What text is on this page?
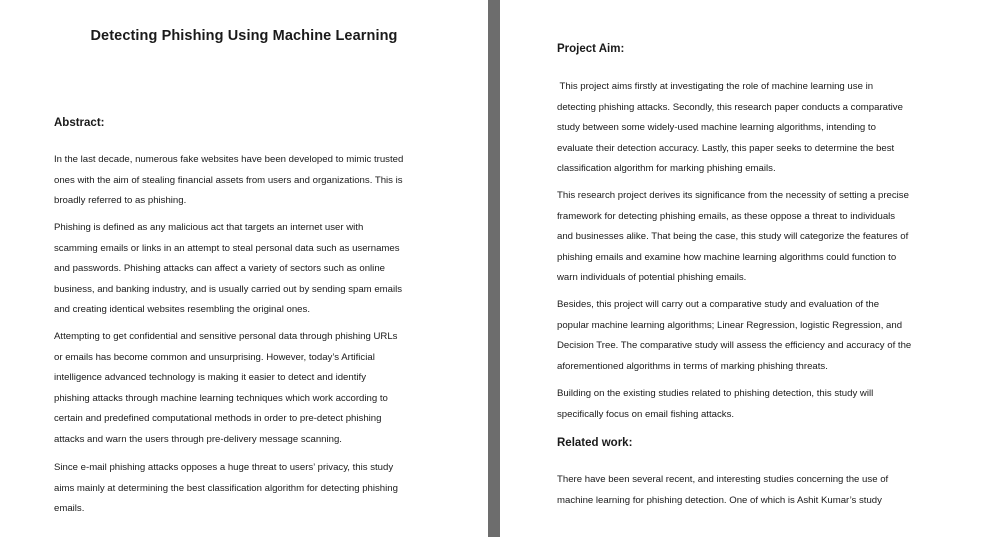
Detecting Phishing Using Machine Learning
Abstract:

In the last decade, numerous fake websites have been developed to mimic trusted
ones with the aim of stealing financial assets from users and organizations. This is
broadly referred to as phishing.

Phishing is defined as any malicious act that targets an internet user with
scamming emails or links in an attempt to steal personal data such as usernames
and passwords. Phishing attacks can affect a variety of sectors such as online
business, and banking industry, and is usually carried out by sending spam emails
and creating identical websites resembling the original ones.

Attempting to get confidential and sensitive personal data through phishing URLs
or emails has become common and unsurprising. However, today’s Artificial
intelligence advanced technology is making it easier to detect and identify
phishing attacks through machine learning techniques which work according to
certain and predefined computational methods in order to pre-detect phishing
attacks and warn the users through pre-delivery message scanning.

Since e-mail phishing attacks opposes a huge threat to users’ privacy, this study
aims mainly at determining the best classification algorithm for detecting phishing
emails.

Project Aim:

This project aims firstly at investigating the role of machine learning use in
detecting phishing attacks. Secondly, this research paper conducts a comparative
study between some widely-used machine learning algorithms, intending to
evaluate their detection accuracy. Lastly, this paper seeks to determine the best
classification algorithm for marking phishing emails.

This research project derives its significance from the necessity of setting a precise
framework for detecting phishing emails, as these oppose a threat to individuals
and businesses alike. That being the case, this study will categorize the features of
phishing emails and examine how machine learning algorithms could function to
warn individuals of potential phishing emails.

Besides, this project will carry out a comparative study and evaluation of the
popular machine learning algorithms; Linear Regression, logistic Regression, and
Decision Tree. The comparative study will assess the efficiency and accuracy of the
aforementioned algorithms in terms of marking phishing threats.

Building on the existing studies related to phishing detection, this study will
specifically focus on email fishing attacks.

Related work:

There have been several recent, and interesting studies concerning the use of
machine learning for phishing detection. One of which is Ashit Kumar’s study
